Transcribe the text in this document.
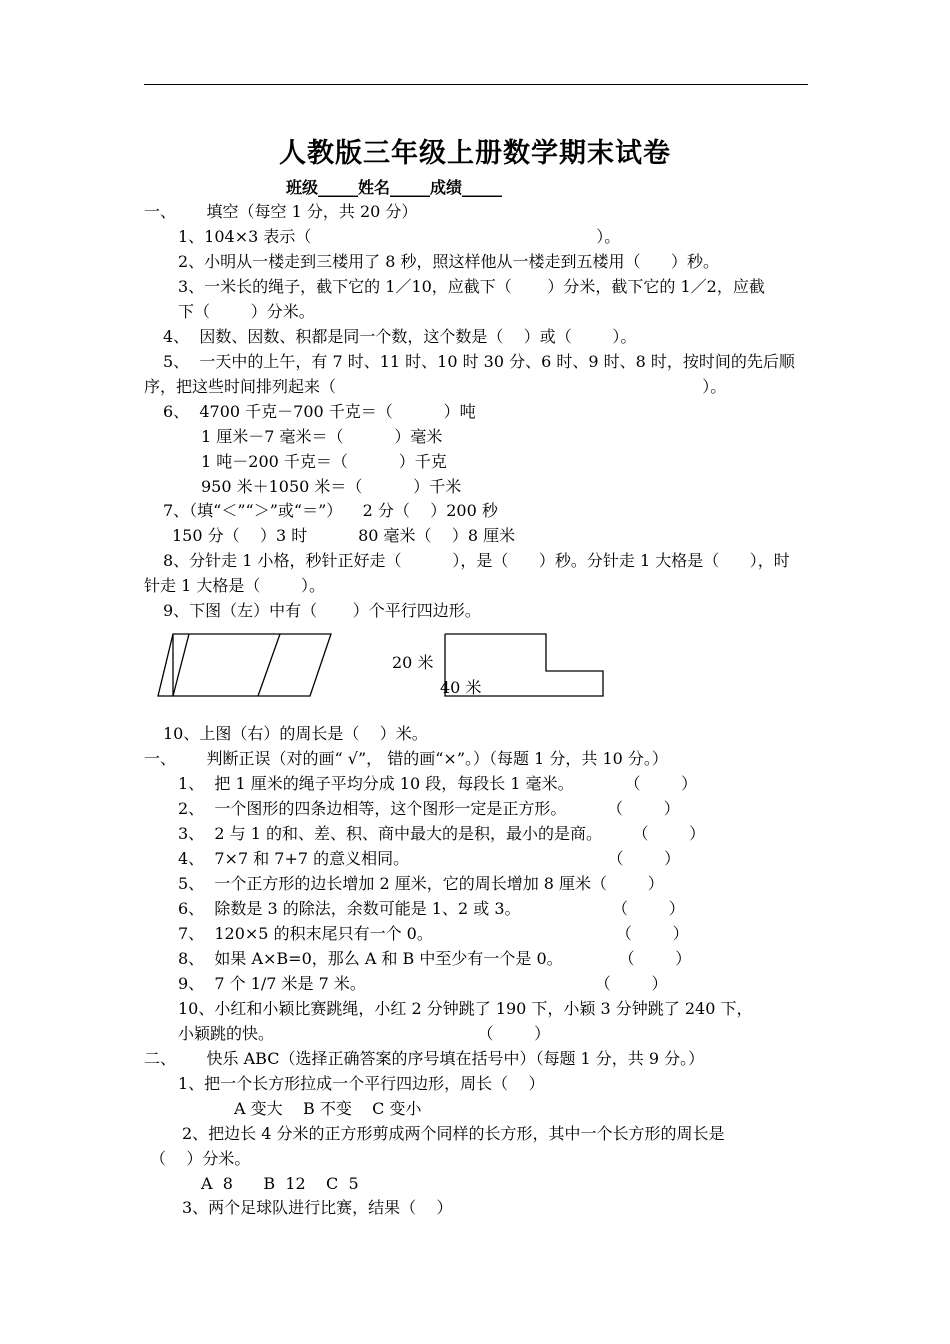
人教版三年级上册数学期末试卷
班级_____姓名_____成绩_____
一、      填空（每空 1 分，共 20 分）
1、104×3 表示（                                                        ）。
2、小明从一楼走到三楼用了 8 秒，照这样他从一楼走到五楼用（      ）秒。
3、一米长的绳子，截下它的 1／10，应截下（       ）分米，截下它的 1／2，应截
下（        ）分米。
4、  因数、因数、积都是同一个数，这个数是（    ）或（        ）。
5、  一天中的上午，有 7 时、11 时、10 时 30 分、6 时、9 时、8 时，按时间的先后顺
序，把这些时间排列起来（                                                                        ）。
6、  4700 千克－700 千克＝（          ）吨
1 厘米－7 毫米＝（          ）毫米
1 吨－200 千克＝（          ）千克
950 米＋1050 米＝（          ）千米
7、（填“＜”“＞”或“＝”）    2 分（    ）200 秒
150 分（    ）3 时          80 毫米（    ）8 厘米
8、分针走 1 小格，秒针正好走（          ），是（      ）秒。分针走 1 大格是（      ），时
针走 1 大格是（        ）。
9、下图（左）中有（       ）个平行四边形。
20 米
40 米
10、上图（右）的周长是（    ）米。
一、      判断正误（对的画“ √”， 错的画“×”。）（每题 1 分，共 10 分。）
1、  把 1 厘米的绳子平均分成 10 段，每段长 1 毫米。          （        ）
2、  一个图形的四条边相等，这个图形一定是正方形。        （        ）
3、  2 与 1 的和、差、积、商中最大的是积，最小的是商。      （        ）
4、  7×7 和 7+7 的意义相同。                                       （        ）
5、  一个正方形的边长增加 2 厘米，它的周长增加 8 厘米（        ）
6、  除数是 3 的除法，余数可能是 1、2 或 3。                  （        ）
7、  120×5 的积末尾只有一个 0。                                    （        ）
8、  如果 A×B=0，那么 A 和 B 中至少有一个是 0。           （        ）
9、  7 个 1/7 米是 7 米。                                             （        ）
10、小红和小颖比赛跳绳，小红 2 分钟跳了 190 下，小颖 3 分钟跳了 240 下，
小颖跳的快。                                        （        ）
二、      快乐 ABC（选择正确答案的序号填在括号中）（每题 1 分，共 9 分。）
1、把一个长方形拉成一个平行四边形，周长（    ）
A 变大    B 不变    C 变小
2、把边长 4 分米的正方形剪成两个同样的长方形，其中一个长方形的周长是
（    ）分米。
A  8      B  12    C  5
3、两个足球队进行比赛，结果（    ）
